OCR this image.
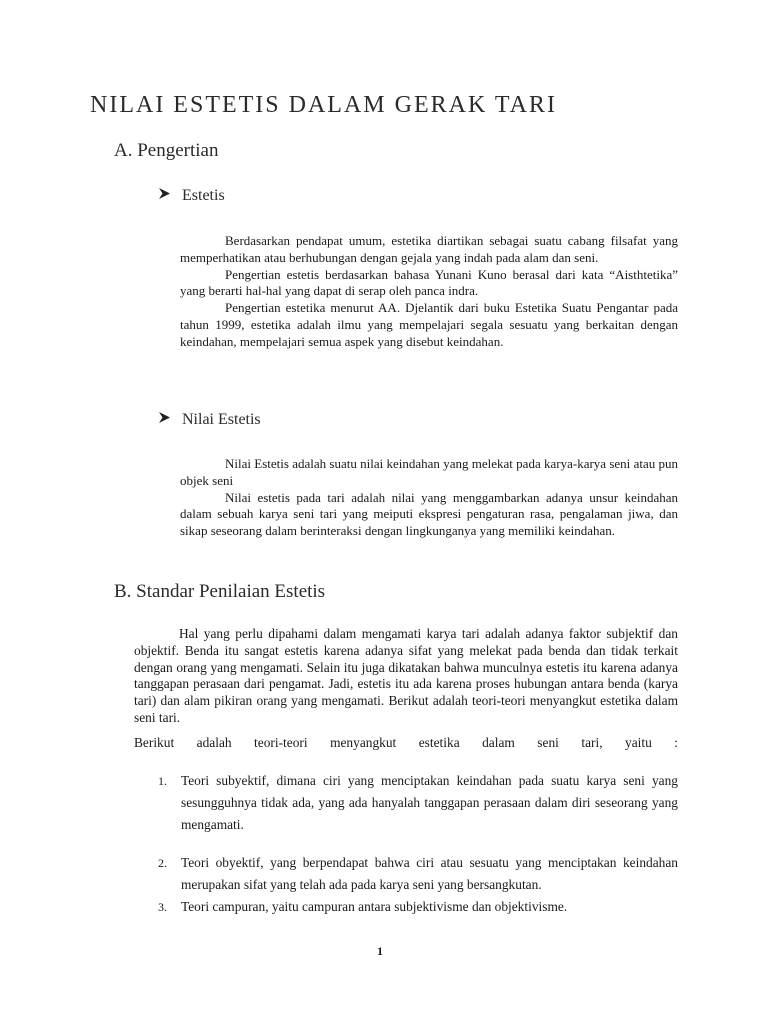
NILAI ESTETIS DALAM GERAK TARI
A. Pengertian
Estetis

Berdasarkan pendapat umum, estetika diartikan sebagai suatu cabang filsafat yang memperhatikan atau berhubungan dengan gejala yang indah pada alam dan seni.

Pengertian estetis berdasarkan bahasa Yunani Kuno berasal dari kata “Aisthtetika” yang berarti hal-hal yang dapat di serap oleh panca indra.

Pengertian estetika menurut AA. Djelantik dari buku Estetika Suatu Pengantar pada tahun 1999, estetika adalah ilmu yang mempelajari segala sesuatu yang berkaitan dengan keindahan, mempelajari semua aspek yang disebut keindahan.

Nilai Estetis

Nilai Estetis adalah suatu nilai keindahan yang melekat pada karya-karya seni atau pun objek seni

Nilai estetis pada tari adalah nilai yang menggambarkan adanya unsur keindahan dalam sebuah karya seni tari yang meiputi ekspresi pengaturan rasa, pengalaman jiwa, dan sikap seseorang dalam berinteraksi dengan lingkunganya yang memiliki keindahan.

B. Standar Penilaian Estetis
Hal yang perlu dipahami dalam mengamati karya tari adalah adanya faktor subjektif dan objektif. Benda itu sangat estetis karena adanya sifat yang melekat pada benda dan tidak terkait dengan orang yang mengamati. Selain itu juga dikatakan bahwa munculnya estetis itu karena adanya tanggapan perasaan dari pengamat. Jadi, estetis itu ada karena proses hubungan antara benda (karya tari) dan alam pikiran orang yang mengamati. Berikut adalah teori-teori menyangkut estetika dalam seni tari.
Berikut adalah teori-teori menyangkut estetika dalam seni tari, yaitu :
1.	Teori subyektif, dimana ciri yang menciptakan keindahan pada suatu karya seni yang sesungguhnya tidak ada, yang ada hanyalah tanggapan perasaan dalam diri seseorang yang mengamati.
2.	Teori obyektif, yang berpendapat bahwa ciri atau sesuatu yang menciptakan keindahan merupakan sifat yang telah ada pada karya seni yang bersangkutan.
3.	Teori campuran, yaitu campuran antara subjektivisme dan objektivisme.
1
